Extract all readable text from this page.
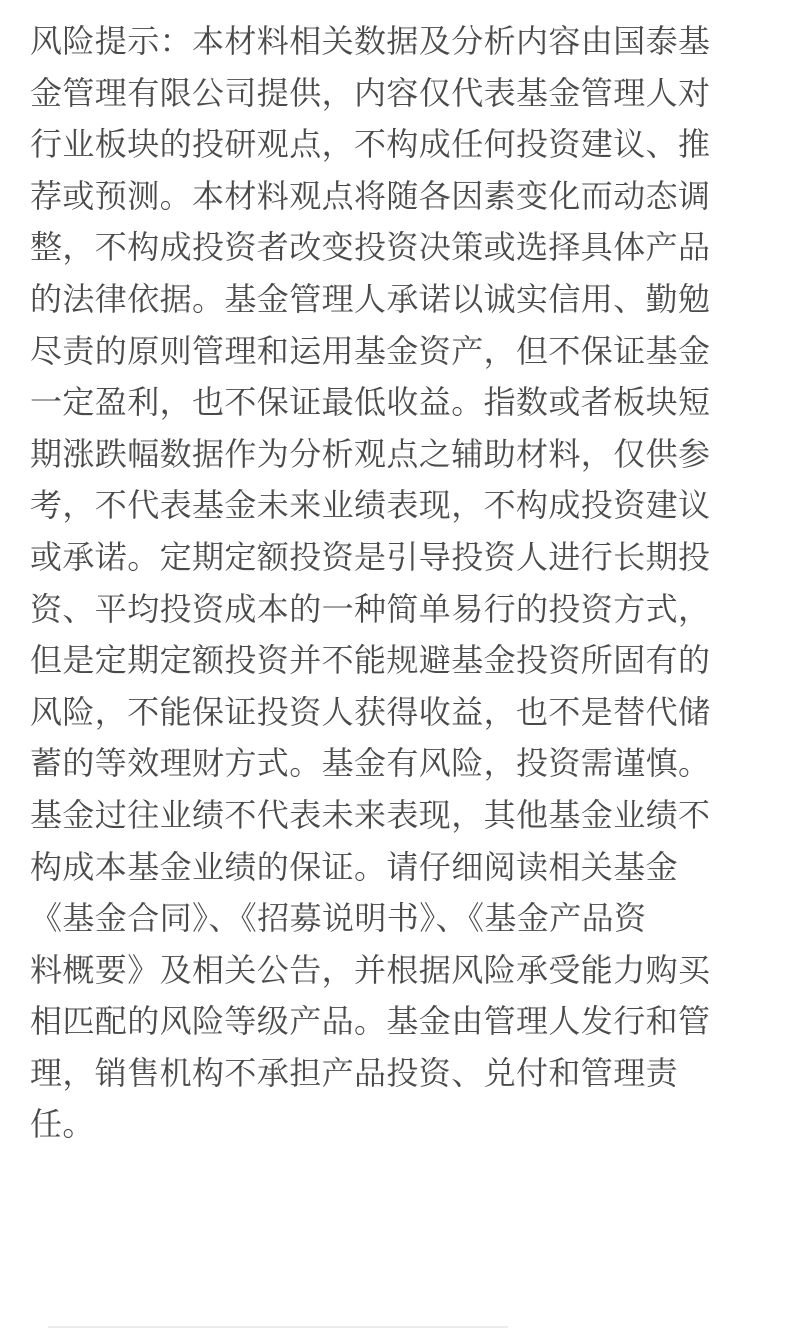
风险提示：本材料相关数据及分析内容由国泰基
金管理有限公司提供，内容仅代表基金管理人对
行业板块的投研观点，不构成任何投资建议、推
荐或预测。本材料观点将随各因素变化而动态调
整，不构成投资者改变投资决策或选择具体产品
的法律依据。基金管理人承诺以诚实信用、勤勉
尽责的原则管理和运用基金资产，但不保证基金
一定盈利，也不保证最低收益。指数或者板块短
期涨跌幅数据作为分析观点之辅助材料，仅供参
考，不代表基金未来业绩表现，不构成投资建议
或承诺。定期定额投资是引导投资人进行长期投
资、平均投资成本的一种简单易行的投资方式，
但是定期定额投资并不能规避基金投资所固有的
风险，不能保证投资人获得收益，也不是替代储
蓄的等效理财方式。基金有风险，投资需谨慎。
基金过往业绩不代表未来表现，其他基金业绩不
构成本基金业绩的保证。请仔细阅读相关基金
《基金合同》、《招募说明书》、《基金产品资
料概要》及相关公告，并根据风险承受能力购买
相匹配的风险等级产品。基金由管理人发行和管
理，销售机构不承担产品投资、兑付和管理责
任。
